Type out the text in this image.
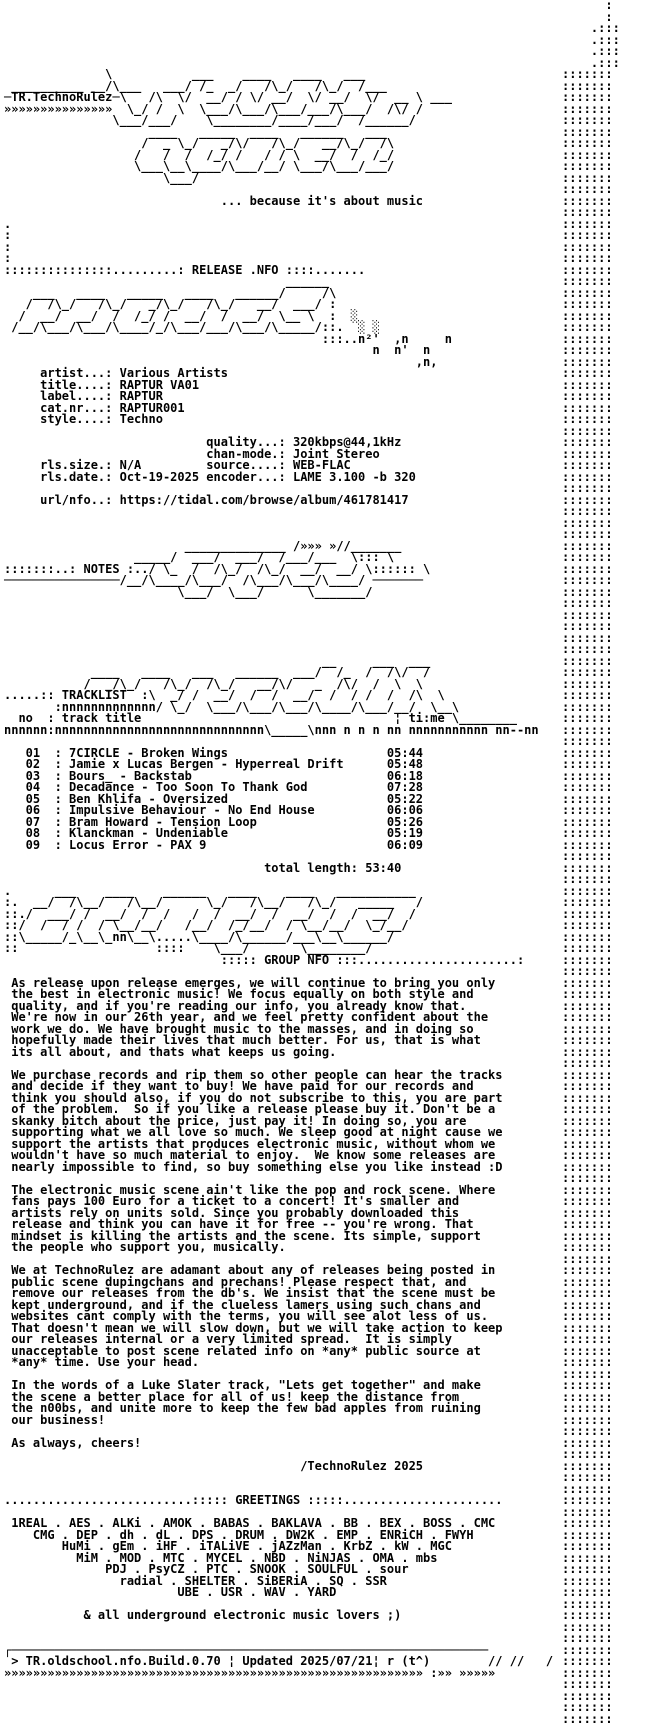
:
:
.:::
.:::
.:::
.:::
:::::::
:::::::
:::::::
:::::::
:::::::
:::::::
:::::::
:::::::
:::::::
:::::::
:::::::
:::::::
:::::::
:::::::
:::::::
:::::::
:::::::
:::::::
:::::::
:::::::
:::::::
:::::::
:::::::
:::::::
:::::::
:::::::
:::::::
:::::::
:::::::
:::::::
:::::::
:::::::
:::::::
:::::::
:::::::
:::::::
:::::::
:::::::
:::::::
:::::::
:::::::
:::::::
:::::::
:::::::
:::::::
:::::::
:::::::
:::::::
:::::::
:::::::
:::::::
:::::::
:::::::
:::::::
:::::::
:::::::
:::::::
:::::::
:::::::
:::::::
:::::::
:::::::
:::::::
:::::::
:::::::
:::::::
:::::::
:::::::
:::::::
:::::::
:::::::
:::::::
:::::::
:::::::
:::::::
:::::::
:::::::
:::::::
:::::::
:::::::
:::::::
:::::::
:::::::
:::::::
:::::::
:::::::
:::::::
:::::::
:::::::
:::::::
:::::::
:::::::
:::::::
:::::::
:::::::
:::::::
:::::::
:::::::
:::::::
:::::::
:::::::
:::::::
:::::::
:::::::
:::::::
:::::::
:::::::
:::::::
:::::::
:::::::
:::::::
:::::::
:::::::
:::::::
:::::::
:::::::
:::::::
:::::::
:::::::
:::::::
:::::::
:::::::
:::::::
:::::::
:::::::
:::::::
:::::::
:::::::
:::::::
:::::::
:::::::
:::::::
:::::::
:::::::
:::::::
:::::::
:::::::
:::::::
:::::::
:::::::
:::::::
:::::::
:::::::
:::::::

\           ___    ____   ____   ___
__________ __/\___   ___/ /_  _/   /\_/   /\_/  /___
─TR.TechnoRulez─\   /\  \/  __/ / \/ __/  \/ __/  \/  __ \ ___
»»»»»»»»»»»»»»»  \_/ /  \  \___/\___/\___/___/\___/  /\/ /
\___/___/    \________/____/___/  /______/
____   _____  ____   ______   ___
/  _ \_/   _/\/   /\_/   __/\_/  /\
/   /  /  /_/ /   / / \  __/  /  /_/
\___\__\____/\___/__/ \___/\___/___/
\___/
... because it's about music
.
:
:
:
:::::::::::::::.........: RELEASE .NFO ::::.......
______
___   ____   _____   ____   ______/     /\
/  /\_/   /\_/   _/\_/   /\_/   __/  ___/ :
/  __/  __/  /  /_/ /  __/  /  __/  \__ \  :  ░
/__/\___/\___/\____/_/\___/___/\___/\_____/::.  ░ ░
:::..n²'  ,n     n
n  n'  n
,n,
artist...: Various Artists
title....: RAPTUR VA01
label....: RAPTUR
cat.nr...: RAPTUR001
style....: Techno
quality...: 320kbps@44,1kHz
chan-mode.: Joint Stereo
rls.size.: N/A         source....: WEB-FLAC
rls.date.: Oct-19-2025 encoder...: LAME 3.100 -b 320
url/nfo..: https://tidal.com/browse/album/461781417
______________ /»»» »//_______
_____/  ___/  ___/  /___/___  \::: \
:::::::..: NOTES :../ \_  /  /\_/  /\_/  __/  __/ \:::::: \
────────────────/__/\____/\___/  /\___/\___/\____/ ───────
\___/  \___/      \_______/
__     ___  ___
____   ____   ___   ______  ___/  /_  /  /\/  /
/  _/\_/   /\_/  /\_/   __/\/   _  /\/  /  \  \
.....:: TRACKLIST  :\  _/ /  __/  /  /  __/  /  / /  /  /\  \
:nnnnnnnnnnnnn/ \_/  \___/\___/\___/\____/\___/__/  \__\
no  : track title                                   ¦ ti:me \________
nnnnnn:nnnnnnnnnnnnnnnnnnnnnnnnnnnnn\_____\nnn n n n nn nnnnnnnnnnn nn--nn
01  : 7CIRCLE - Broken Wings                      05:44
02  : Jamie x Lucas Bergen - Hyperreal Drift      05:48
03  : Bours_ - Backstab                           06:18
04  : Decadance - Too Soon To Thank God           07:28
05  : Ben Khlifa - Oversized                      05:22
06  : Impulsive Behaviour - No End House          06:06
07  : Bram Howard - Tension Loop                  05:26
08  : Klanckman - Undeniable                      05:19
09  : Locus Error - PAX 9                         06:09
total length: 53:40
.      ___    ____    ______   ____    ____   ___________
:.  __/  /\__/   /\__/      \_/   /\__/   /\_/   _____   /
::./  ___/ /  __/  /  /   /  /  __/  /  __/  /  /  __/  /
::/  /  / /  / \__/__/   /__/  /_/__/  / \__/__/  \_/__/
::\_____/_\__\_nn\__\.....\____/\______/___\__\______/
::                   ::::    \___/       \________/
::::: GROUP NFO :::......................:
As release upon release emerges, we will continue to bring you only
the best in electronic music! We focus equally on both style and
quality, and if you're reading our info, you already know that.
We're now in our 26th year, and we feel pretty confident about the
work we do. We have brought music to the masses, and in doing so
hopefully made their lives that much better. For us, that is what
its all about, and thats what keeps us going.
We purchase records and rip them so other people can hear the tracks
and decide if they want to buy! We have paid for our records and
think you should also, if you do not subscribe to this, you are part
of the problem.  So if you like a release please buy it. Don't be a
skanky bitch about the price, just pay it! In doing so, you are
supporting what we all love so much. We sleep good at night cause we
support the artists that produces electronic music, without whom we
wouldn't have so much material to enjoy.  We know some releases are
nearly impossible to find, so buy something else you like instead :D
The electronic music scene ain't like the pop and rock scene. Where
fans pays 100 Euro for a ticket to a concert! It's smaller and
artists rely on units sold. Since you probably downloaded this
release and think you can have it for free -- you're wrong. That
mindset is killing the artists and the scene. Its simple, support
the people who support you, musically.
We at TechnoRulez are adamant about any of releases being posted in
public scene dupingchans and prechans! Please respect that, and
remove our releases from the db's. We insist that the scene must be
kept underground, and if the clueless lamers using such chans and
websites cant comply with the terms, you will see alot less of us.
That doesn't mean we will slow down, but we will take action to keep
our releases internal or a very limited spread.  It is simply
unacceptable to post scene related info on *any* public source at
*any* time. Use your head.
In the words of a Luke Slater track, "Lets get together" and make
the scene a better place for all of us! keep the distance from
the n00bs, and unite more to keep the few bad apples from ruining
our business!
As always, cheers!
/TechnoRulez 2025
..........................::::: GREETINGS :::::......................
1REAL . AES . ALKi . AMOK . BABAS . BAKLAVA . BB . BEX . BOSS . CMC
CMG . DEP . dh . dL . DPS . DRUM . DW2K . EMP . ENRiCH . FWYH
HuMi . gEm . iHF . iTALiVE . jAZzMan . KrbZ . kW . MGC
MiM . MOD . MTC . MYCEL . NBD . NiNJAS . OMA . mbs
PDJ . PsyCZ . PTC . SNOOK . SOULFUL . sour
radial . SHELTER . SiBERiA . SQ . SSR
UBE . USR . WAV . YARD
& all underground electronic music lovers ;)
┌──────────────────────────────────────────────────────────────────
> TR.oldschool.nfo.Build.0.70 ¦ Updated 2025/07/21¦ r (t^)        // //   /
»»»»»»»»»»»»»»»»»»»»»»»»»»»»»»»»»»»»»»»»»»»»»»»»»»»»»»»»»» :»» »»»»»
